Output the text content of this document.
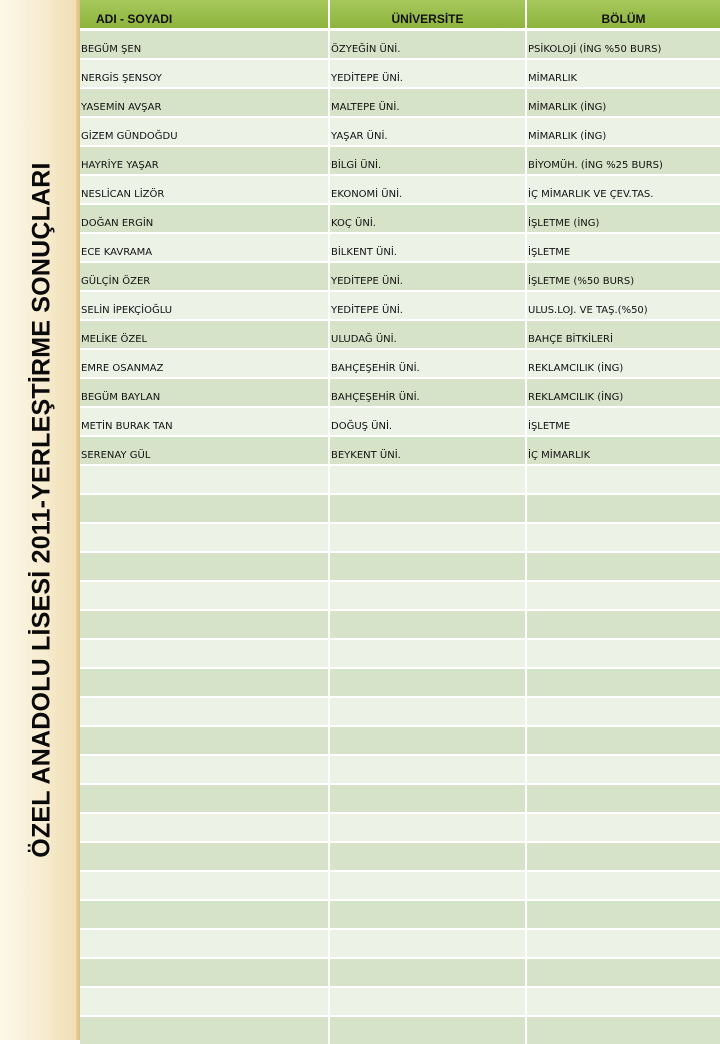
ÖZEL ANADOLU LİSESİ 2011-YERLEŞTİRME SONUÇLARI
ADI - SOYADI	ÜNİVERSİTE	BÖLÜM
BEGÜM ŞEN	ÖZYEĞİN ÜNİ.	PSİKOLOJİ (İNG %50 BURS)
NERGİS ŞENSOY	YEDİTEPE ÜNİ.	MİMARLIK
YASEMİN AVŞAR	MALTEPE ÜNİ.	MİMARLIK (İNG)
GİZEM GÜNDOĞDU	YAŞAR ÜNİ.	MİMARLIK (İNG)
HAYRİYE YAŞAR	BİLGİ ÜNİ.	BİYOMÜH. (İNG %25 BURS)
NESLİCAN LİZÖR	EKONOMİ ÜNİ.	İÇ MİMARLIK VE ÇEV.TAS.
DOĞAN ERGİN	KOÇ ÜNİ.	İŞLETME (İNG)
ECE KAVRAMA	BİLKENT ÜNİ.	İŞLETME
GÜLÇİN ÖZER	YEDİTEPE ÜNİ.	İŞLETME (%50 BURS)
SELİN İPEKÇİOĞLU	YEDİTEPE ÜNİ.	ULUS.LOJ. VE TAŞ.(%50)
MELİKE ÖZEL	ULUDAĞ ÜNİ.	BAHÇE BİTKİLERİ
EMRE OSANMAZ	BAHÇEŞEHİR ÜNİ.	REKLAMCILIK (İNG)
BEGÜM BAYLAN	BAHÇEŞEHİR ÜNİ.	REKLAMCILIK (İNG)
METİN BURAK TAN	DOĞUŞ ÜNİ.	İŞLETME
SERENAY GÜL	BEYKENT ÜNİ.	İÇ MİMARLIK
